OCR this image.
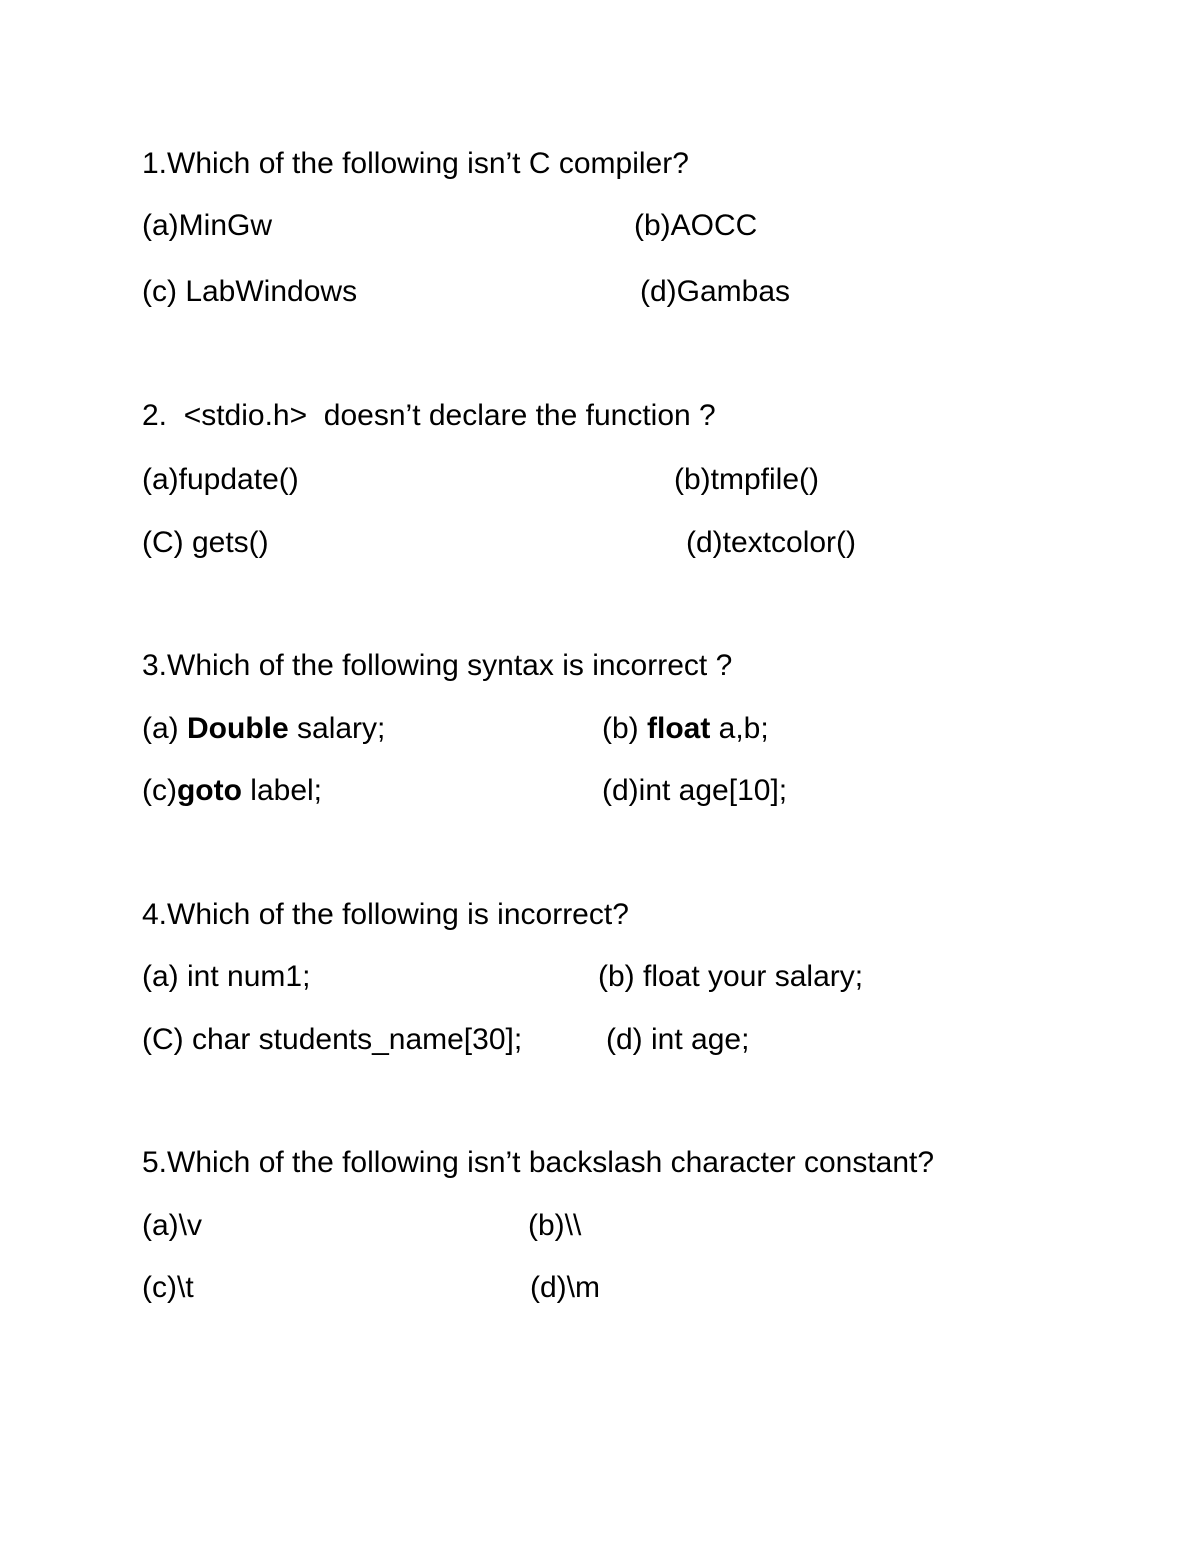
1.Which of the following isn’t C compiler?
(a)MinGw	(b)AOCC
(c) LabWindows	(d)Gambas
2.  <stdio.h>  doesn’t declare the function ?
(a)fupdate()	(b)tmpfile()
(C) gets()	(d)textcolor()
3.Which of the following syntax is incorrect ?
(a) Double salary;	(b) float a,b;
(c)goto label;	(d)int age[10];
4.Which of the following is incorrect?
(a) int num1;	(b) float your salary;
(C) char students_name[30];	(d) int age;
5.Which of the following isn’t backslash character constant?
(a)\v	(b)\\
(c)\t	(d)\m
